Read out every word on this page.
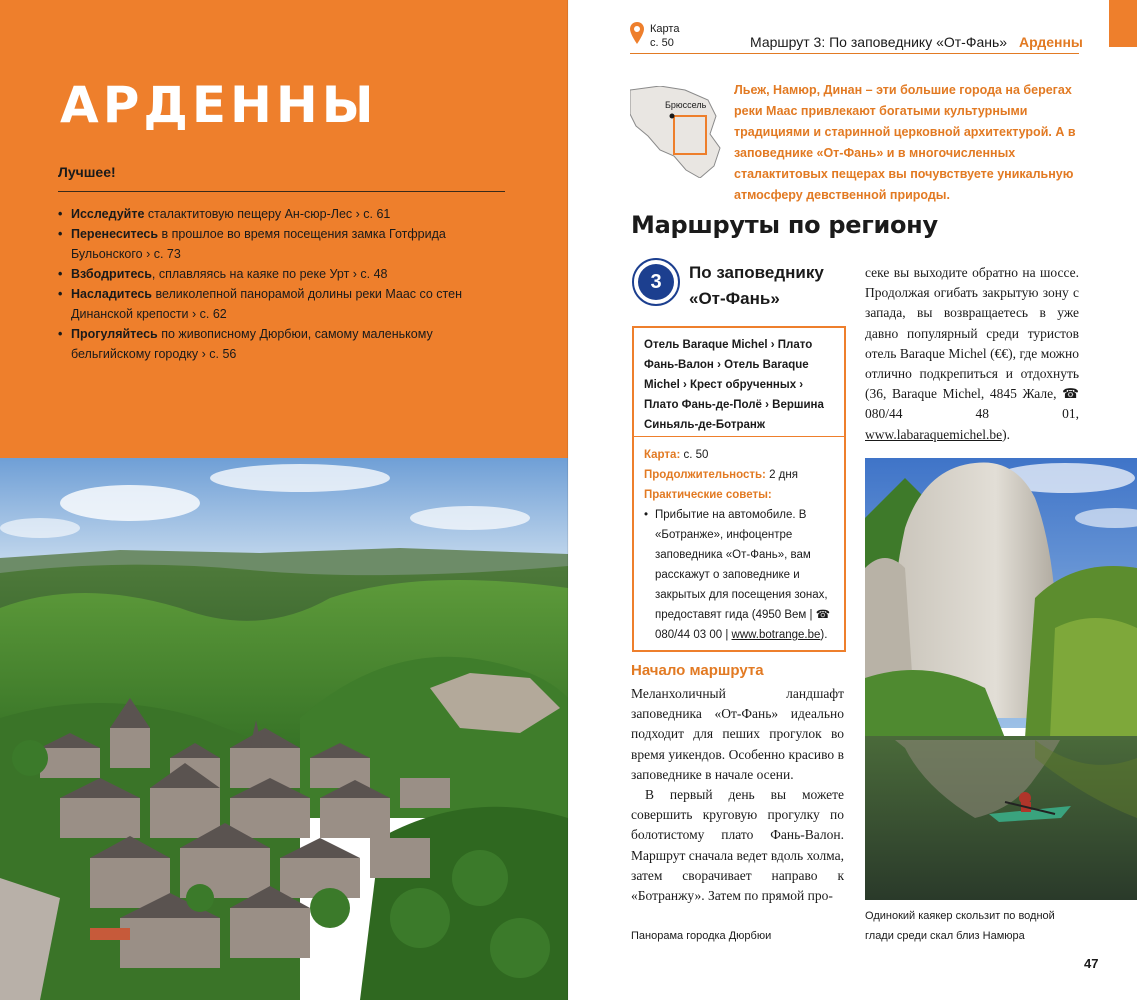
АРДЕННЫ
Лучшее!
• Исследуйте сталактитовую пещеру Ан-сюр-Лес › с. 61
• Перенеситесь в прошлое во время посещения замка Готфрида Бульонского › с. 73
• Взбодритесь, сплавляясь на каяке по реке Урт › с. 48
• Насладитесь великолепной панорамой долины реки Маас со стен Динанской крепости › с. 62
• Прогуляйтесь по живописному Дюрбюи, самому маленькому бельгийскому городку › с. 56
Карта
с. 50	Маршрут 3: По заповеднику «От-Фань» Арденны
Брюссель
Льеж, Намюр, Динан – эти большие города на берегах реки Маас привлекают богатыми культурными традициями и старинной церковной архитектурой. А в заповеднике «От-Фань» и в многочисленных сталактитовых пещерах вы почувствуете уникальную атмосферу девственной природы.
Маршруты по региону
3	По заповеднику «От-Фань»
Отель Baraque Michel › Плато Фань-Валон › Отель Baraque Michel › Крест обрученных › Плато Фань-де-Полё › Вершина Синьяль-де-Ботранж
Карта: с. 50
Продолжительность: 2 дня
Практические советы:
• Прибытие на автомобиле. В «Ботранже», инфоцентре заповедника «От-Фань», вам расскажут о заповеднике и закрытых для посещения зонах, предоставят гида (4950 Вем | ☎ 080/44 03 00 | www.botrange.be).
Начало маршрута

Меланхоличный ландшафт заповедника «От-Фань» идеально подходит для пеших прогулок во время уикендов. Особенно красиво в заповеднике в начале осени.

В первый день вы можете совершить круговую прогулку по болотистому плато Фань-Валон. Маршрут сначала ведет вдоль холма, затем сворачивает направо к «Ботранжу». Затем по прямой про-

секе вы выходите обратно на шоссе. Продолжая огибать закрытую зону с запада, вы возвращаетесь в уже давно популярный среди туристов отель Baraque Michel (€€), где можно отлично подкрепиться и отдохнуть (36, Baraque Michel, 4845 Жале, ☎ 080/44 48 01, www.labaraquemichel.be).
Панорама городка Дюрбюи
Одинокий каякер скользит по водной глади среди скал близ Намюра
47
